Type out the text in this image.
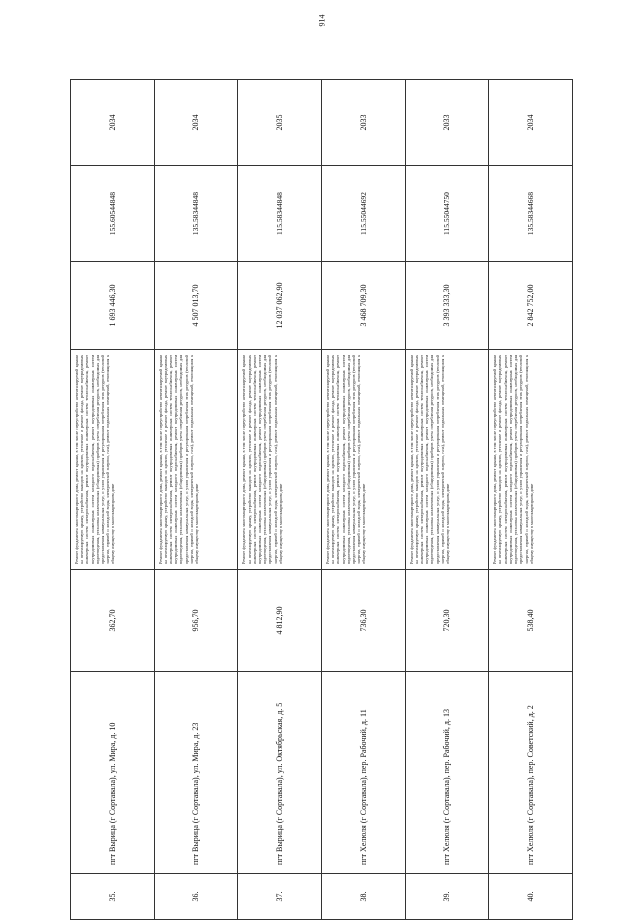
914
35.	пгт Вырица (г Сортавала), ул. Мира, д. 10	362,70	Ремонт фундамента многоквартирного дома, ремонт крыши, в том числе переустройство невентилируемой крыши на вентилируемую крышу, устройство выходов на кровлю, утепление и ремонт фасада, ремонт внутридомовых инженерных систем электроснабжения, ремонт внутридомовых инженерных систем теплоснабжения, ремонт внутридомовых инженерных систем холодного водоснабжения, ремонт внутридомовых инженерных систем водоотведения, установка коллективных (общедомовых) приборов учета потребления ресурсов, необходимых для предоставления коммунальных услуг, и узлов управления и регулирования потребления этих ресурсов (тепловой энергии, горячей и холодной воды, электрической энергии, газа), ремонт подвальных помещений, относящихся к общему имуществу в многоквартирном доме	1 693 446,30	155.60544848	2034
36.	пгт Вырица (г Сортавала), ул. Мира, д. 23	956,70	Ремонт фундамента многоквартирного дома, ремонт крыши, в том числе переустройство невентилируемой крыши на вентилируемую крышу, устройство выходов на кровлю, утепление и ремонт фасада, ремонт внутридомовых инженерных систем электроснабжения, ремонт внутридомовых инженерных систем теплоснабжения, ремонт внутридомовых инженерных систем холодного водоснабжения, ремонт внутридомовых инженерных систем водоотведения, установка коллективных (общедомовых) приборов учета потребления ресурсов, необходимых для предоставления коммунальных услуг, и узлов управления и регулирования потребления этих ресурсов (тепловой энергии, горячей и холодной воды, электрической энергии, газа), ремонт подвальных помещений, относящихся к общему имуществу в многоквартирном доме	4 507 013,70	135.58344848	2034
37.	пгт Вырица (г Сортавала), ул. Октябрьская, д. 5	4 812,90	Ремонт фундамента многоквартирного дома, ремонт крыши, в том числе переустройство невентилируемой крыши на вентилируемую крышу, устройство выходов на кровлю, утепление и ремонт фасада, ремонт внутридомовых инженерных систем электроснабжения, ремонт внутридомовых инженерных систем теплоснабжения, ремонт внутридомовых инженерных систем холодного водоснабжения, ремонт внутридомовых инженерных систем водоотведения, установка коллективных (общедомовых) приборов учета потребления ресурсов, необходимых для предоставления коммунальных услуг, и узлов управления и регулирования потребления этих ресурсов (тепловой энергии, горячей и холодной воды, электрической энергии, газа), ремонт подвальных помещений, относящихся к общему имуществу в многоквартирном доме	12 037 062,90	115.58344848	2035
38.	пгт Хелюля (г Сортавала), пер. Рабочий, д. 11	736,30	Ремонт фундамента многоквартирного дома, ремонт крыши, в том числе переустройство невентилируемой крыши на вентилируемую крышу, устройство выходов на кровлю, утепление и ремонт фасада, ремонт внутридомовых инженерных систем электроснабжения, ремонт внутридомовых инженерных систем теплоснабжения, ремонт внутридомовых инженерных систем холодного водоснабжения, ремонт внутридомовых инженерных систем водоотведения, установка коллективных (общедомовых) приборов учета потребления ресурсов, необходимых для предоставления коммунальных услуг, и узлов управления и регулирования потребления этих ресурсов (тепловой энергии, горячей и холодной воды, электрической энергии, газа), ремонт подвальных помещений, относящихся к общему имуществу в многоквартирном доме	3 468 709,30	115.55044692	2033
39.	пгт Хелюля (г Сортавала), пер. Рабочий, д. 13	720,30	Ремонт фундамента многоквартирного дома, ремонт крыши, в том числе переустройство невентилируемой крыши на вентилируемую крышу, устройство выходов на кровлю, утепление и ремонт фасада, ремонт внутридомовых инженерных систем электроснабжения, ремонт внутридомовых инженерных систем теплоснабжения, ремонт внутридомовых инженерных систем холодного водоснабжения, ремонт внутридомовых инженерных систем водоотведения, установка коллективных (общедомовых) приборов учета потребления ресурсов, необходимых для предоставления коммунальных услуг, и узлов управления и регулирования потребления этих ресурсов (тепловой энергии, горячей и холодной воды, электрической энергии, газа), ремонт подвальных помещений, относящихся к общему имуществу в многоквартирном доме	3 393 333,30	115.55044750	2033
40.	пгт Хелюля (г Сортавала), пер. Советский, д. 2	538,40	Ремонт фундамента многоквартирного дома, ремонт крыши, в том числе переустройство невентилируемой крыши на вентилируемую крышу, устройство выходов на кровлю, утепление и ремонт фасада, ремонт внутридомовых инженерных систем электроснабжения, ремонт внутридомовых инженерных систем теплоснабжения, ремонт внутридомовых инженерных систем холодного водоснабжения, ремонт внутридомовых инженерных систем водоотведения, установка коллективных (общедомовых) приборов учета потребления ресурсов, необходимых для предоставления коммунальных услуг, и узлов управления и регулирования потребления этих ресурсов (тепловой энергии, горячей и холодной воды, электрической энергии, газа), ремонт подвальных помещений, относящихся к общему имуществу в многоквартирном доме	2 842 752,00	135.58344668	2034
